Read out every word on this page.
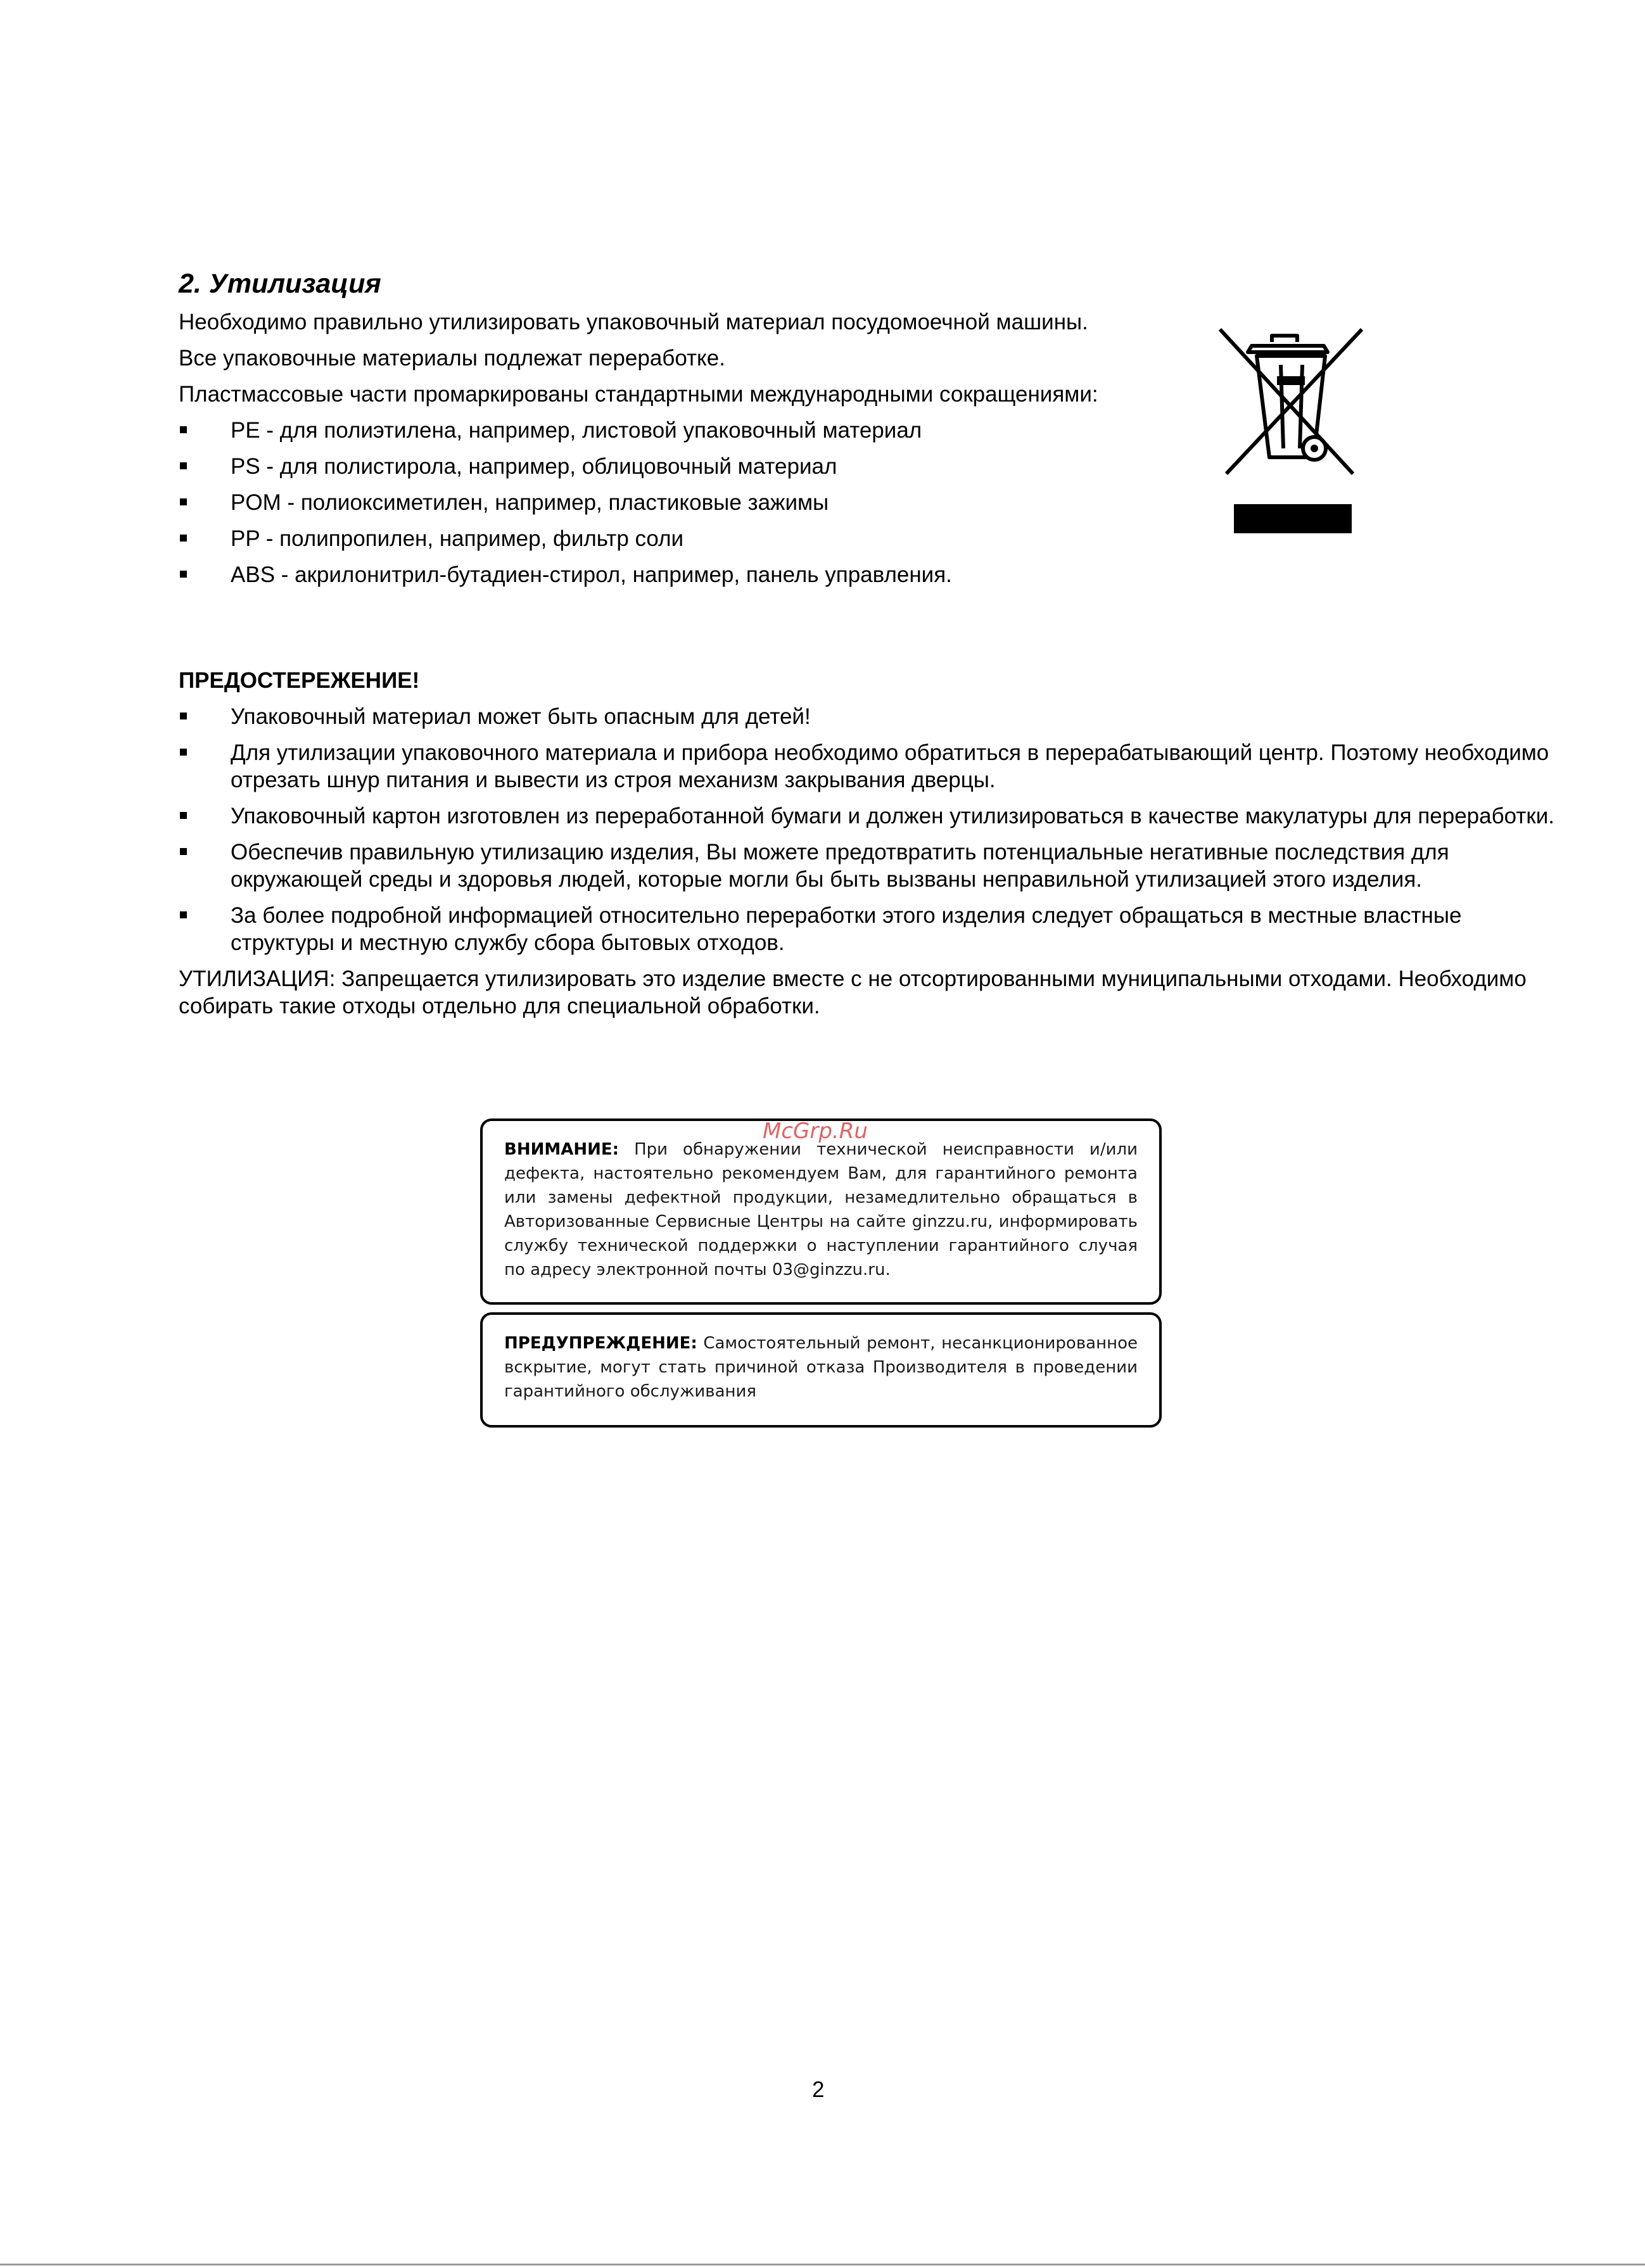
2. Утилизация

Необходимо правильно утилизировать упаковочный материал посудомоечной машины.

Все упаковочные материалы подлежат переработке.

Пластмассовые части промаркированы стандартными международными сокращениями:

PE - для полиэтилена, например, листовой упаковочный материал
PS - для полистирола, например, облицовочный материал
POM - полиоксиметилен, например, пластиковые зажимы
PP - полипропилен, например, фильтр соли
ABS - акрилонитрил-бутадиен-стирол, например, панель управления.

ПРЕДОСТЕРЕЖЕНИЕ!

Упаковочный материал может быть опасным для детей!
Для утилизации упаковочного материала и прибора необходимо обратиться в перерабатывающий центр. Поэтому необходимо отрезать шнур питания и вывести из строя механизм закрывания дверцы.
Упаковочный картон изготовлен из переработанной бумаги и должен утилизироваться в качестве макулатуры для переработки.
Обеспечив правильную утилизацию изделия, Вы можете предотвратить потенциальные негативные последствия для окружающей среды и здоровья людей, которые могли бы быть вызваны неправильной утилизацией этого изделия.
За более подробной информацией относительно переработки этого изделия следует обращаться в местные властные структуры и местную службу сбора бытовых отходов.

УТИЛИЗАЦИЯ: Запрещается утилизировать это изделие вместе с не отсортированными муниципальными отходами. Необходимо собирать такие отходы отдельно для специальной обработки.

ВНИМАНИЕ: При обнаружении технической неисправности и/или дефекта, настоятельно рекомендуем Вам, для гарантийного ремонта или замены дефектной продукции, незамедлительно обращаться в Авторизованные Сервисные Центры на сайте ginzzu.ru, информировать службу технической поддержки о наступлении гарантийного случая по адресу электронной почты 03@ginzzu.ru.
McGrp.Ru
ПРЕДУПРЕЖДЕНИЕ: Самостоятельный ремонт, несанкционированное вскрытие, могут стать причиной отказа Производителя в проведении гарантийного обслуживания
2
